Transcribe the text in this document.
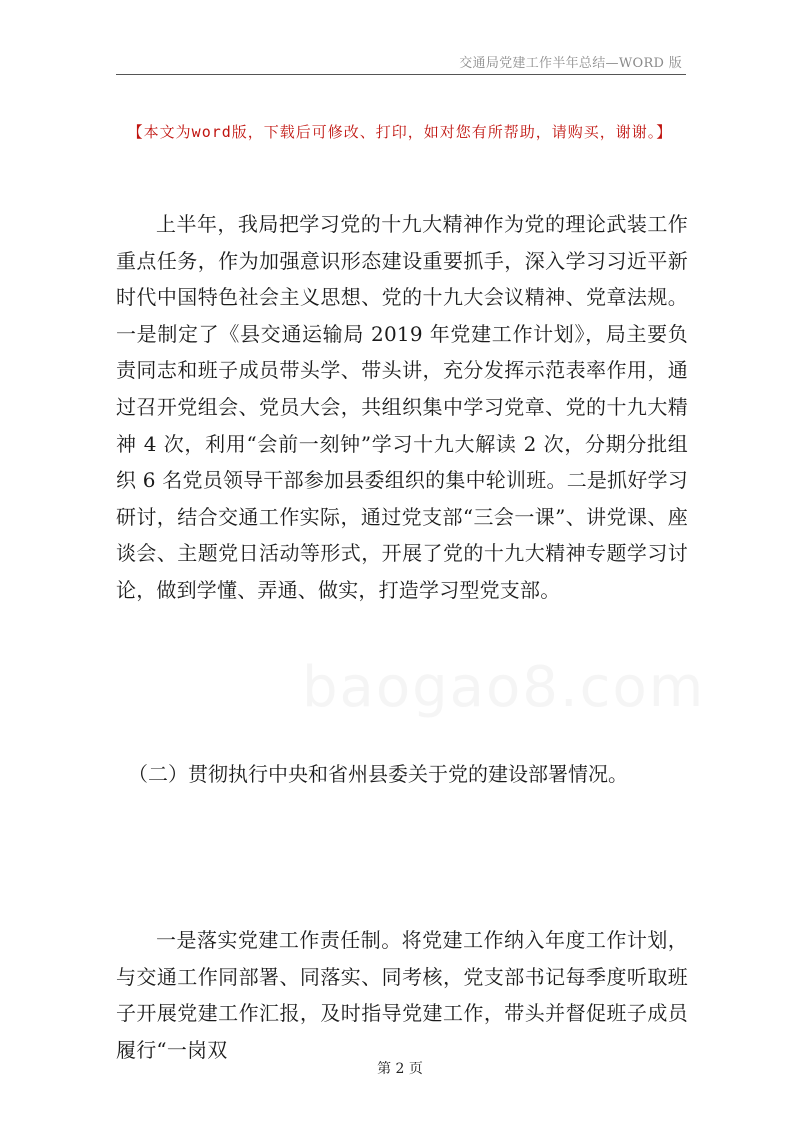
交通局党建工作半年总结—WORD 版
【本文为word版，下载后可修改、打印，如对您有所帮助，请购买，谢谢。】
baogao8.com

上半年，我局把学习党的十九大精神作为党的理论武装工作重点任务，作为加强意识形态建设重要抓手，深入学习习近平新时代中国特色社会主义思想、党的十九大会议精神、党章法规。一是制定了《县交通运输局 2019 年党建工作计划》，局主要负责同志和班子成员带头学、带头讲，充分发挥示范表率作用，通过召开党组会、党员大会，共组织集中学习党章、党的十九大精神 4 次，利用“会前一刻钟”学习十九大解读 2 次，分期分批组织 6 名党员领导干部参加县委组织的集中轮训班。二是抓好学习研讨，结合交通工作实际，通过党支部“三会一课”、讲党课、座谈会、主题党日活动等形式，开展了党的十九大精神专题学习讨论，做到学懂、弄通、做实，打造学习型党支部。

（二）贯彻执行中央和省州县委关于党的建设部署情况。

一是落实党建工作责任制。将党建工作纳入年度工作计划，与交通工作同部署、同落实、同考核，党支部书记每季度听取班子开展党建工作汇报，及时指导党建工作，带头并督促班子成员履行“一岗双

第 2 页
